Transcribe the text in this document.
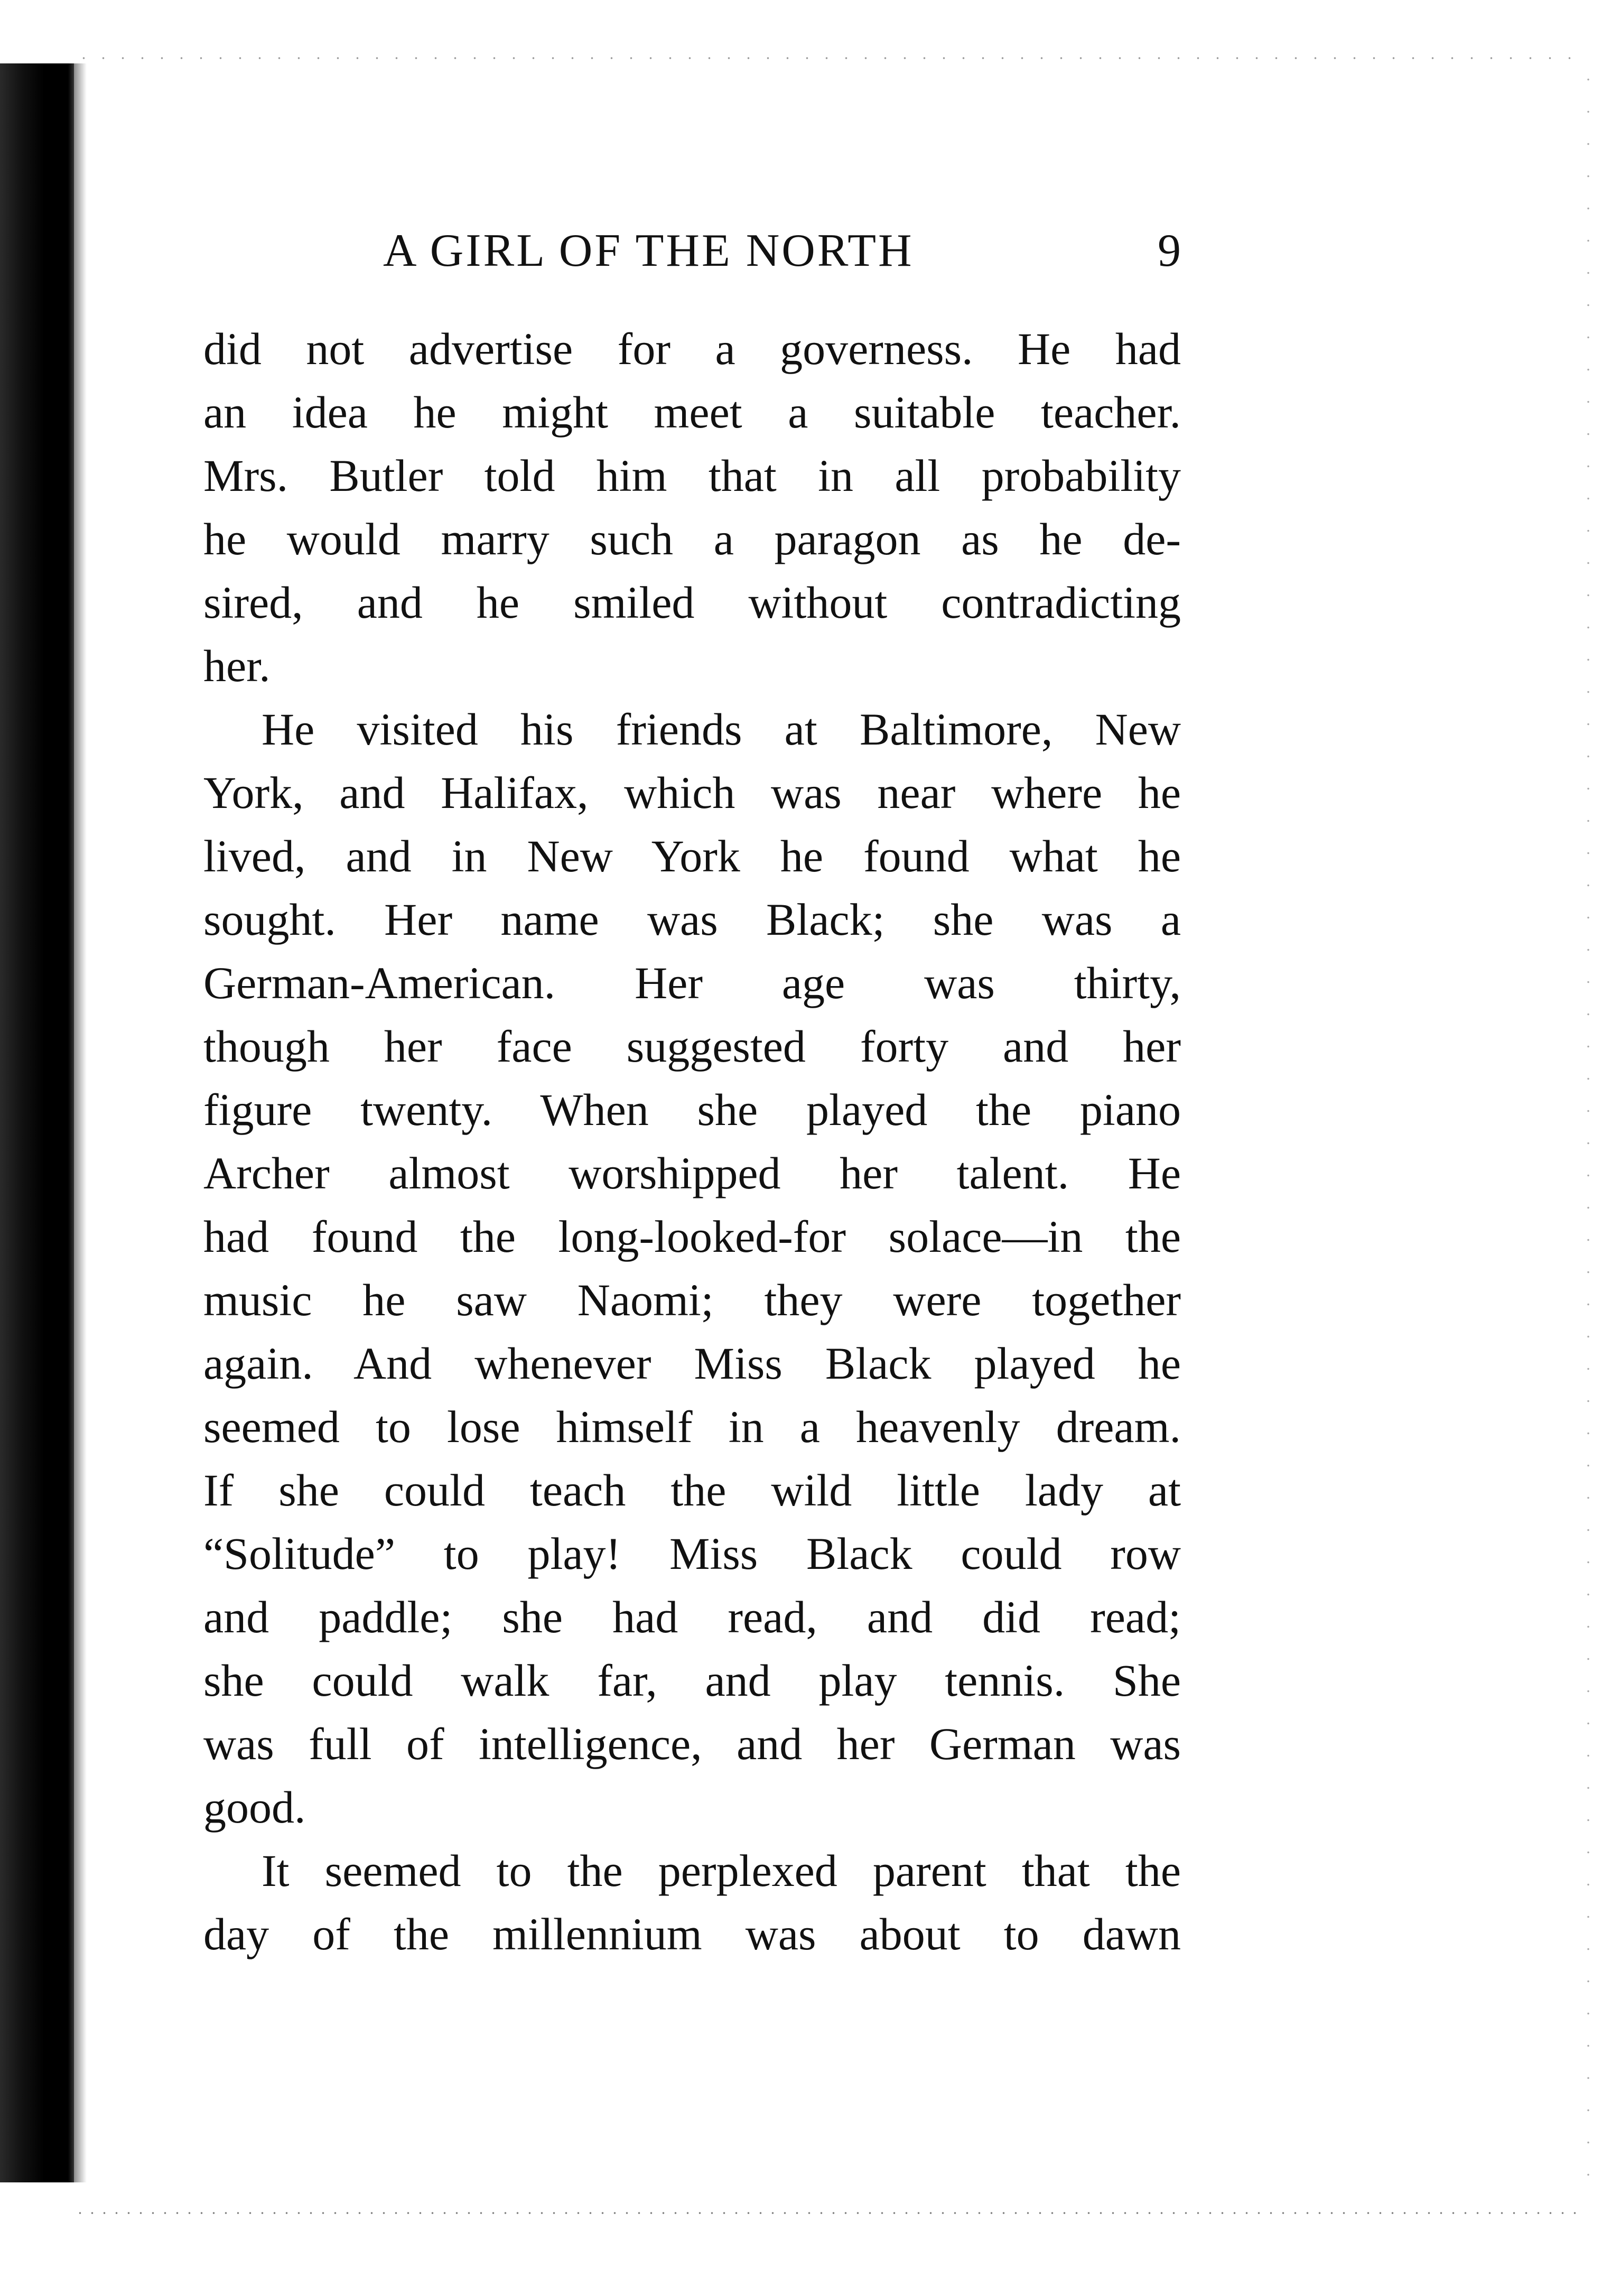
A GIRL OF THE NORTH	9
did not advertise for a governess. He had
an idea he might meet a suitable teacher.
Mrs. Butler told him that in all probability
he would marry such a paragon as he de-
sired, and he smiled without contradicting
her.
He visited his friends at Baltimore, New
York, and Halifax, which was near where he
lived, and in New York he found what he
sought. Her name was Black; she was a
German-American. Her age was thirty,
though her face suggested forty and her
figure twenty. When she played the piano
Archer almost worshipped her talent. He
had found the long-looked-for solace—in the
music he saw Naomi; they were together
again. And whenever Miss Black played he
seemed to lose himself in a heavenly dream.
If she could teach the wild little lady at
“Solitude” to play! Miss Black could row
and paddle; she had read, and did read;
she could walk far, and play tennis. She
was full of intelligence, and her German was
good.
It seemed to the perplexed parent that the
day of the millennium was about to dawn
